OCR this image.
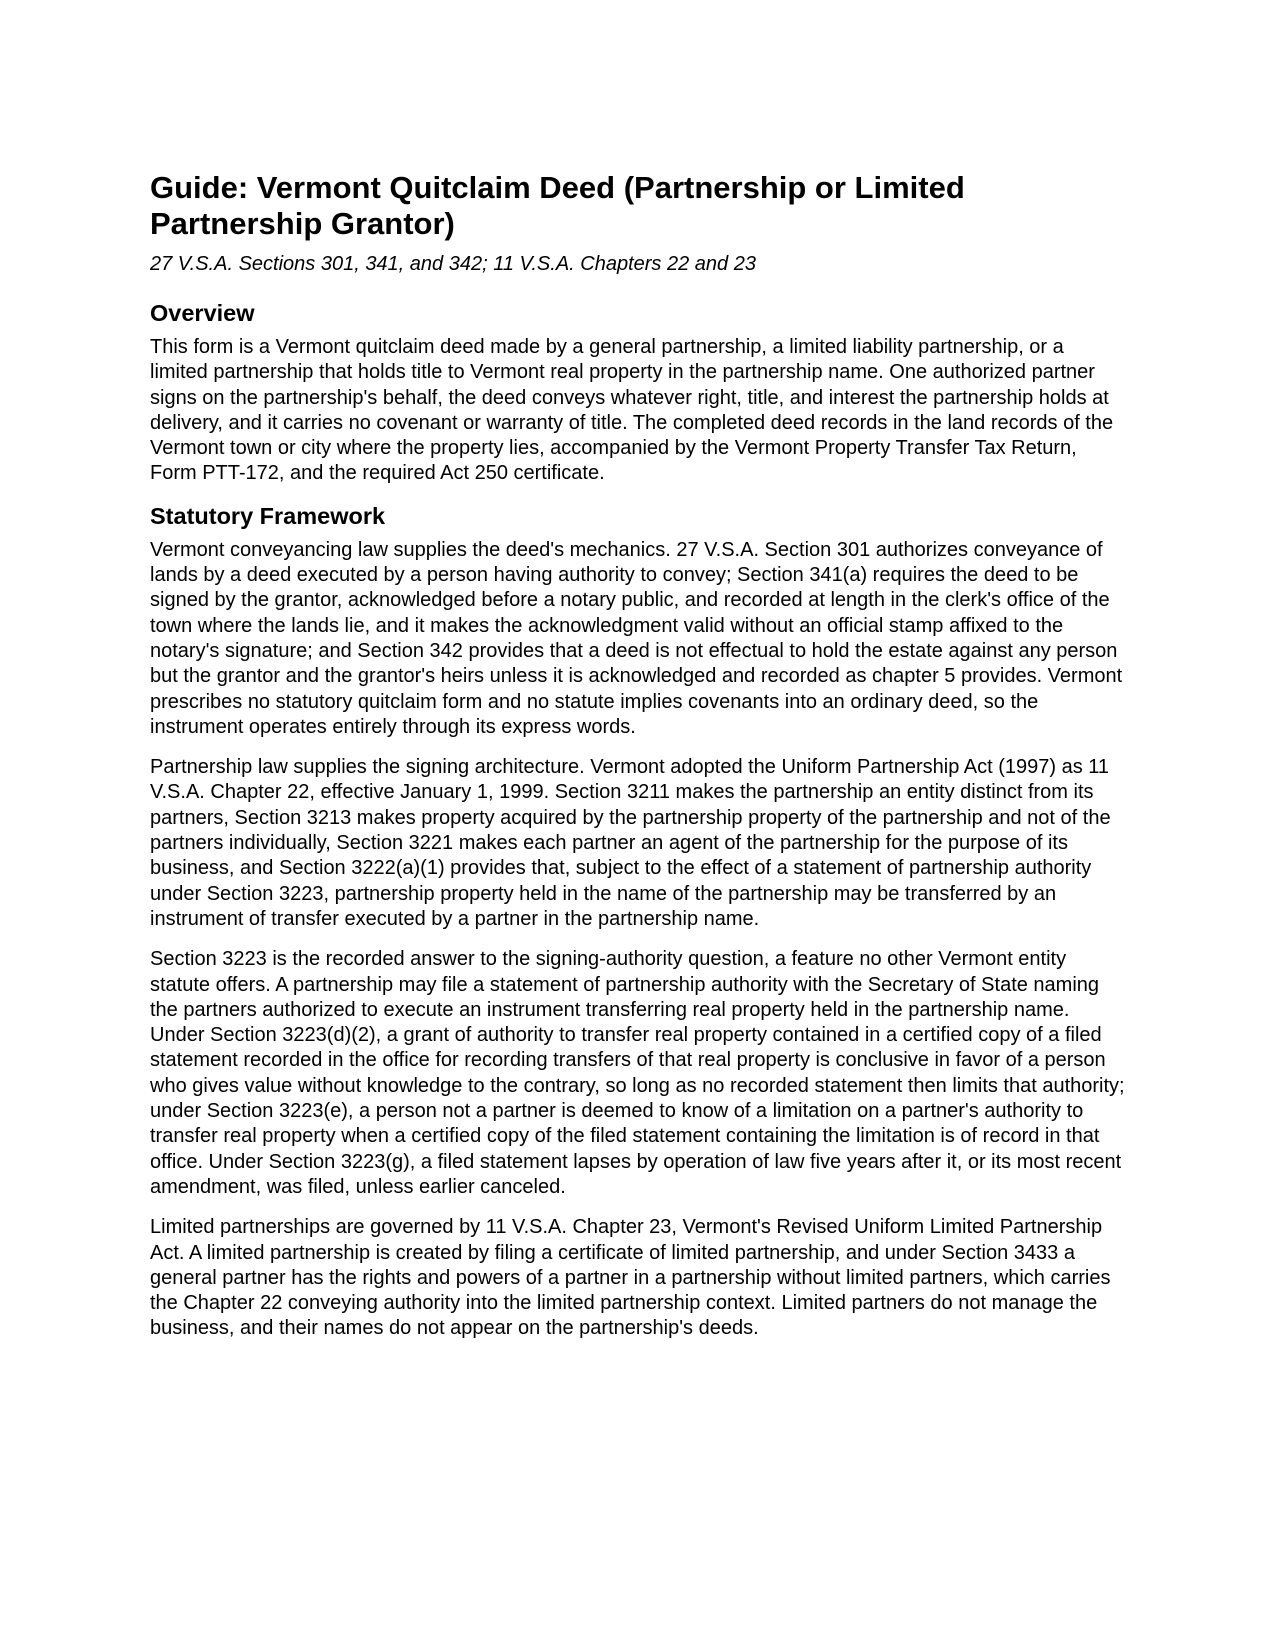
Guide: Vermont Quitclaim Deed (Partnership or Limited Partnership Grantor)
27 V.S.A. Sections 301, 341, and 342; 11 V.S.A. Chapters 22 and 23
Overview

This form is a Vermont quitclaim deed made by a general partnership, a limited liability partnership, or a limited partnership that holds title to Vermont real property in the partnership name. One authorized partner signs on the partnership's behalf, the deed conveys whatever right, title, and interest the partnership holds at delivery, and it carries no covenant or warranty of title. The completed deed records in the land records of the Vermont town or city where the property lies, accompanied by the Vermont Property Transfer Tax Return, Form PTT-172, and the required Act 250 certificate.

Statutory Framework

Vermont conveyancing law supplies the deed's mechanics. 27 V.S.A. Section 301 authorizes conveyance of lands by a deed executed by a person having authority to convey; Section 341(a) requires the deed to be signed by the grantor, acknowledged before a notary public, and recorded at length in the clerk's office of the town where the lands lie, and it makes the acknowledgment valid without an official stamp affixed to the notary's signature; and Section 342 provides that a deed is not effectual to hold the estate against any person but the grantor and the grantor's heirs unless it is acknowledged and recorded as chapter 5 provides. Vermont prescribes no statutory quitclaim form and no statute implies covenants into an ordinary deed, so the instrument operates entirely through its express words.

Partnership law supplies the signing architecture. Vermont adopted the Uniform Partnership Act (1997) as 11 V.S.A. Chapter 22, effective January 1, 1999. Section 3211 makes the partnership an entity distinct from its partners, Section 3213 makes property acquired by the partnership property of the partnership and not of the partners individually, Section 3221 makes each partner an agent of the partnership for the purpose of its business, and Section 3222(a)(1) provides that, subject to the effect of a statement of partnership authority under Section 3223, partnership property held in the name of the partnership may be transferred by an instrument of transfer executed by a partner in the partnership name.

Section 3223 is the recorded answer to the signing-authority question, a feature no other Vermont entity statute offers. A partnership may file a statement of partnership authority with the Secretary of State naming the partners authorized to execute an instrument transferring real property held in the partnership name. Under Section 3223(d)(2), a grant of authority to transfer real property contained in a certified copy of a filed statement recorded in the office for recording transfers of that real property is conclusive in favor of a person who gives value without knowledge to the contrary, so long as no recorded statement then limits that authority; under Section 3223(e), a person not a partner is deemed to know of a limitation on a partner's authority to transfer real property when a certified copy of the filed statement containing the limitation is of record in that office. Under Section 3223(g), a filed statement lapses by operation of law five years after it, or its most recent amendment, was filed, unless earlier canceled.

Limited partnerships are governed by 11 V.S.A. Chapter 23, Vermont's Revised Uniform Limited Partnership Act. A limited partnership is created by filing a certificate of limited partnership, and under Section 3433 a general partner has the rights and powers of a partner in a partnership without limited partners, which carries the Chapter 22 conveying authority into the limited partnership context. Limited partners do not manage the business, and their names do not appear on the partnership's deeds.
